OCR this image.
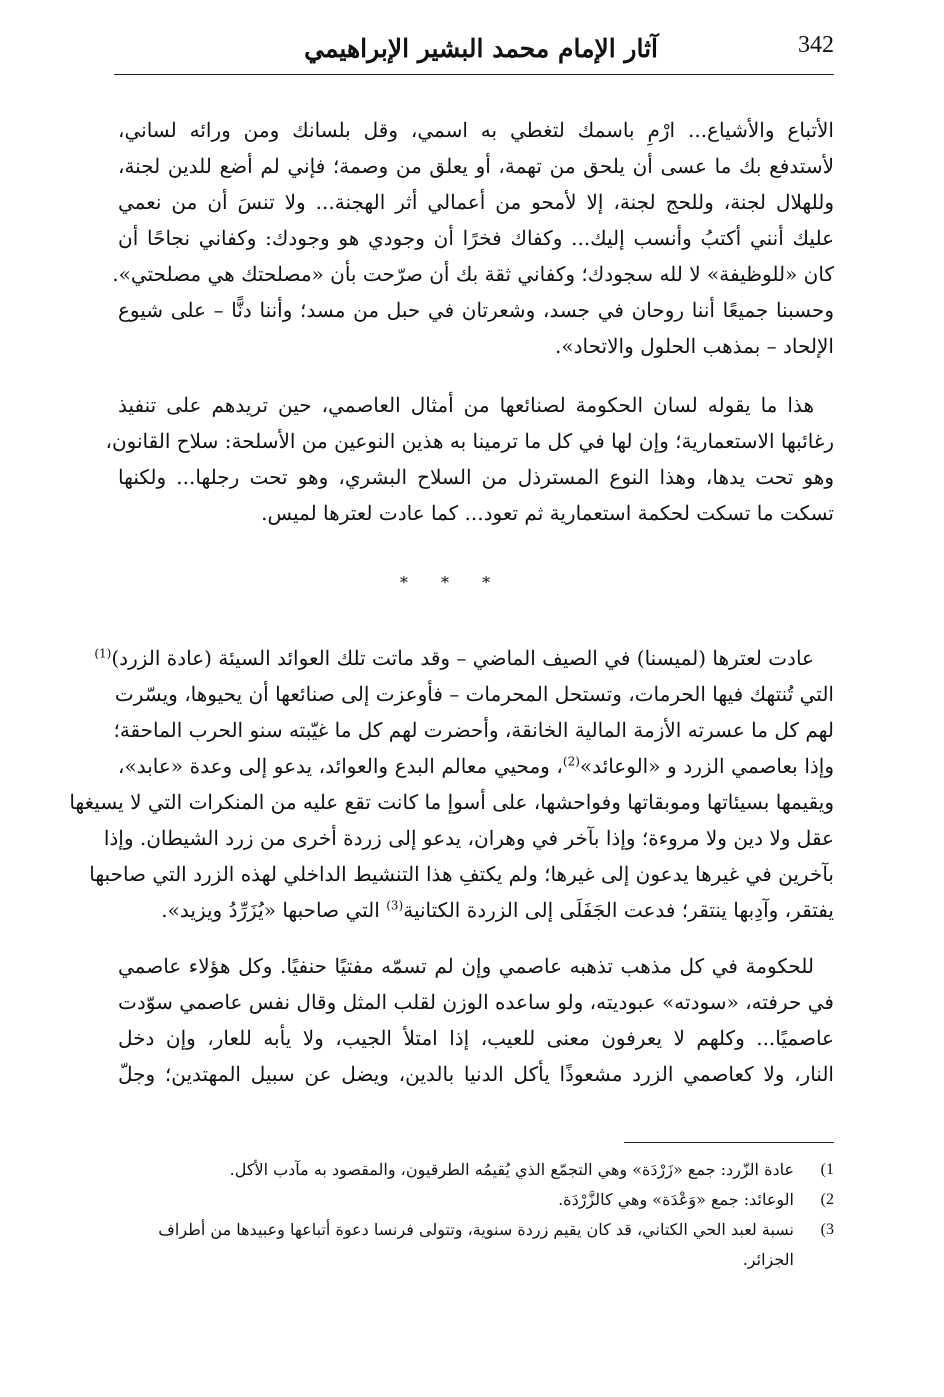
آثار الإمام محمد البشير الإبراهيمي	342
الأتباع والأشياع... ارْمِ باسمك لتغطي به اسمي، وقل بلسانك ومن ورائه لساني،
لأستدفع بك ما عسى أن يلحق من تهمة، أو يعلق من وصمة؛ فإني لم أضع للدين لجنة،
وللهلال لجنة، وللحج لجنة، إلا لأمحو من أعمالي أثر الهجنة... ولا تنسَ أن من نعمي
عليك أنني أكتبُ وأنسب إليك... وكفاك فخرًا أن وجودي هو وجودك: وكفاني نجاحًا أن
كان «للوظيفة» لا لله سجودك؛ وكفاني ثقة بك أن صرّحت بأن «مصلحتك هي مصلحتي».
وحسبنا جميعًا أننا روحان في جسد، وشعرتان في حبل من مسد؛ وأننا دنًّا – على شيوع
الإلحاد – بمذهب الحلول والاتحاد».
هذا ما يقوله لسان الحكومة لصنائعها من أمثال العاصمي، حين تريدهم على تنفيذ
رغائبها الاستعمارية؛ وإن لها في كل ما ترمينا به هذين النوعين من الأسلحة: سلاح القانون،
وهو تحت يدها، وهذا النوع المسترذل من السلاح البشري، وهو تحت رجلها... ولكنها
تسكت ما تسكت لحكمة استعمارية ثم تعود... كما عادت لعترها لميس.
* * *
عادت لعترها (لميسنا) في الصيف الماضي – وقد ماتت تلك العوائد السيئة (عادة الزرد)$^{(1)}$
التي تُنتهك فيها الحرمات، وتستحل المحرمات – فأوعزت إلى صنائعها أن يحيوها، ويسّرت
لهم كل ما عسرته الأزمة المالية الخانقة، وأحضرت لهم كل ما غيّبته سنو الحرب الماحقة؛
وإذا بعاصمي الزرد و «الوعائد»$^{(2)}$، ومحيي معالم البدع والعوائد، يدعو إلى وعدة «عابد»،
ويقيمها بسيئاتها وموبقاتها وفواحشها، على أسوإ ما كانت تقع عليه من المنكرات التي لا يسيغها
عقل ولا دين ولا مروءة؛ وإذا بآخر في وهران، يدعو إلى زردة أخرى من زرد الشيطان. وإذا
بآخرين في غيرها يدعون إلى غيرها؛ ولم يكتفِ هذا التنشيط الداخلي لهذه الزرد التي صاحبها
يفتقر، وآدِبها ينتقر؛ فدعت الجَفَلَى إلى الزردة الكتانية$^{(3)}$ التي صاحبها «يُزَرِّدُ ويزيد».
للحكومة في كل مذهب تذهبه عاصمي وإن لم تسمّه مفتيًا حنفيًا. وكل هؤلاء عاصمي
في حرفته، «سودته» عبوديته، ولو ساعده الوزن لقلب المثل وقال نفس عاصمي سوّدت
عاصميًا... وكلهم لا يعرفون معنى للعيب، إذا امتلأ الجيب، ولا يأبه للعار، وإن دخل
النار، ولا كعاصمي الزرد مشعوذًا يأكل الدنيا بالدين، ويضل عن سبيل المهتدين؛ وجلّ
1)
عادة الزّرد: جمع «زَرْدَة» وهي التجمّع الذي يُقيمُه الطرقيون، والمقصود به مآدب الأكل.
2)
الوعائد: جمع «وَعْدَة» وهي كالزَّرْدَة.
3)
نسبة لعبد الحي الكتاني، قد كان يقيم زردة سنوية، وتتولى فرنسا دعوة أتباعها وعبيدها من أطراف
الجزائر.
